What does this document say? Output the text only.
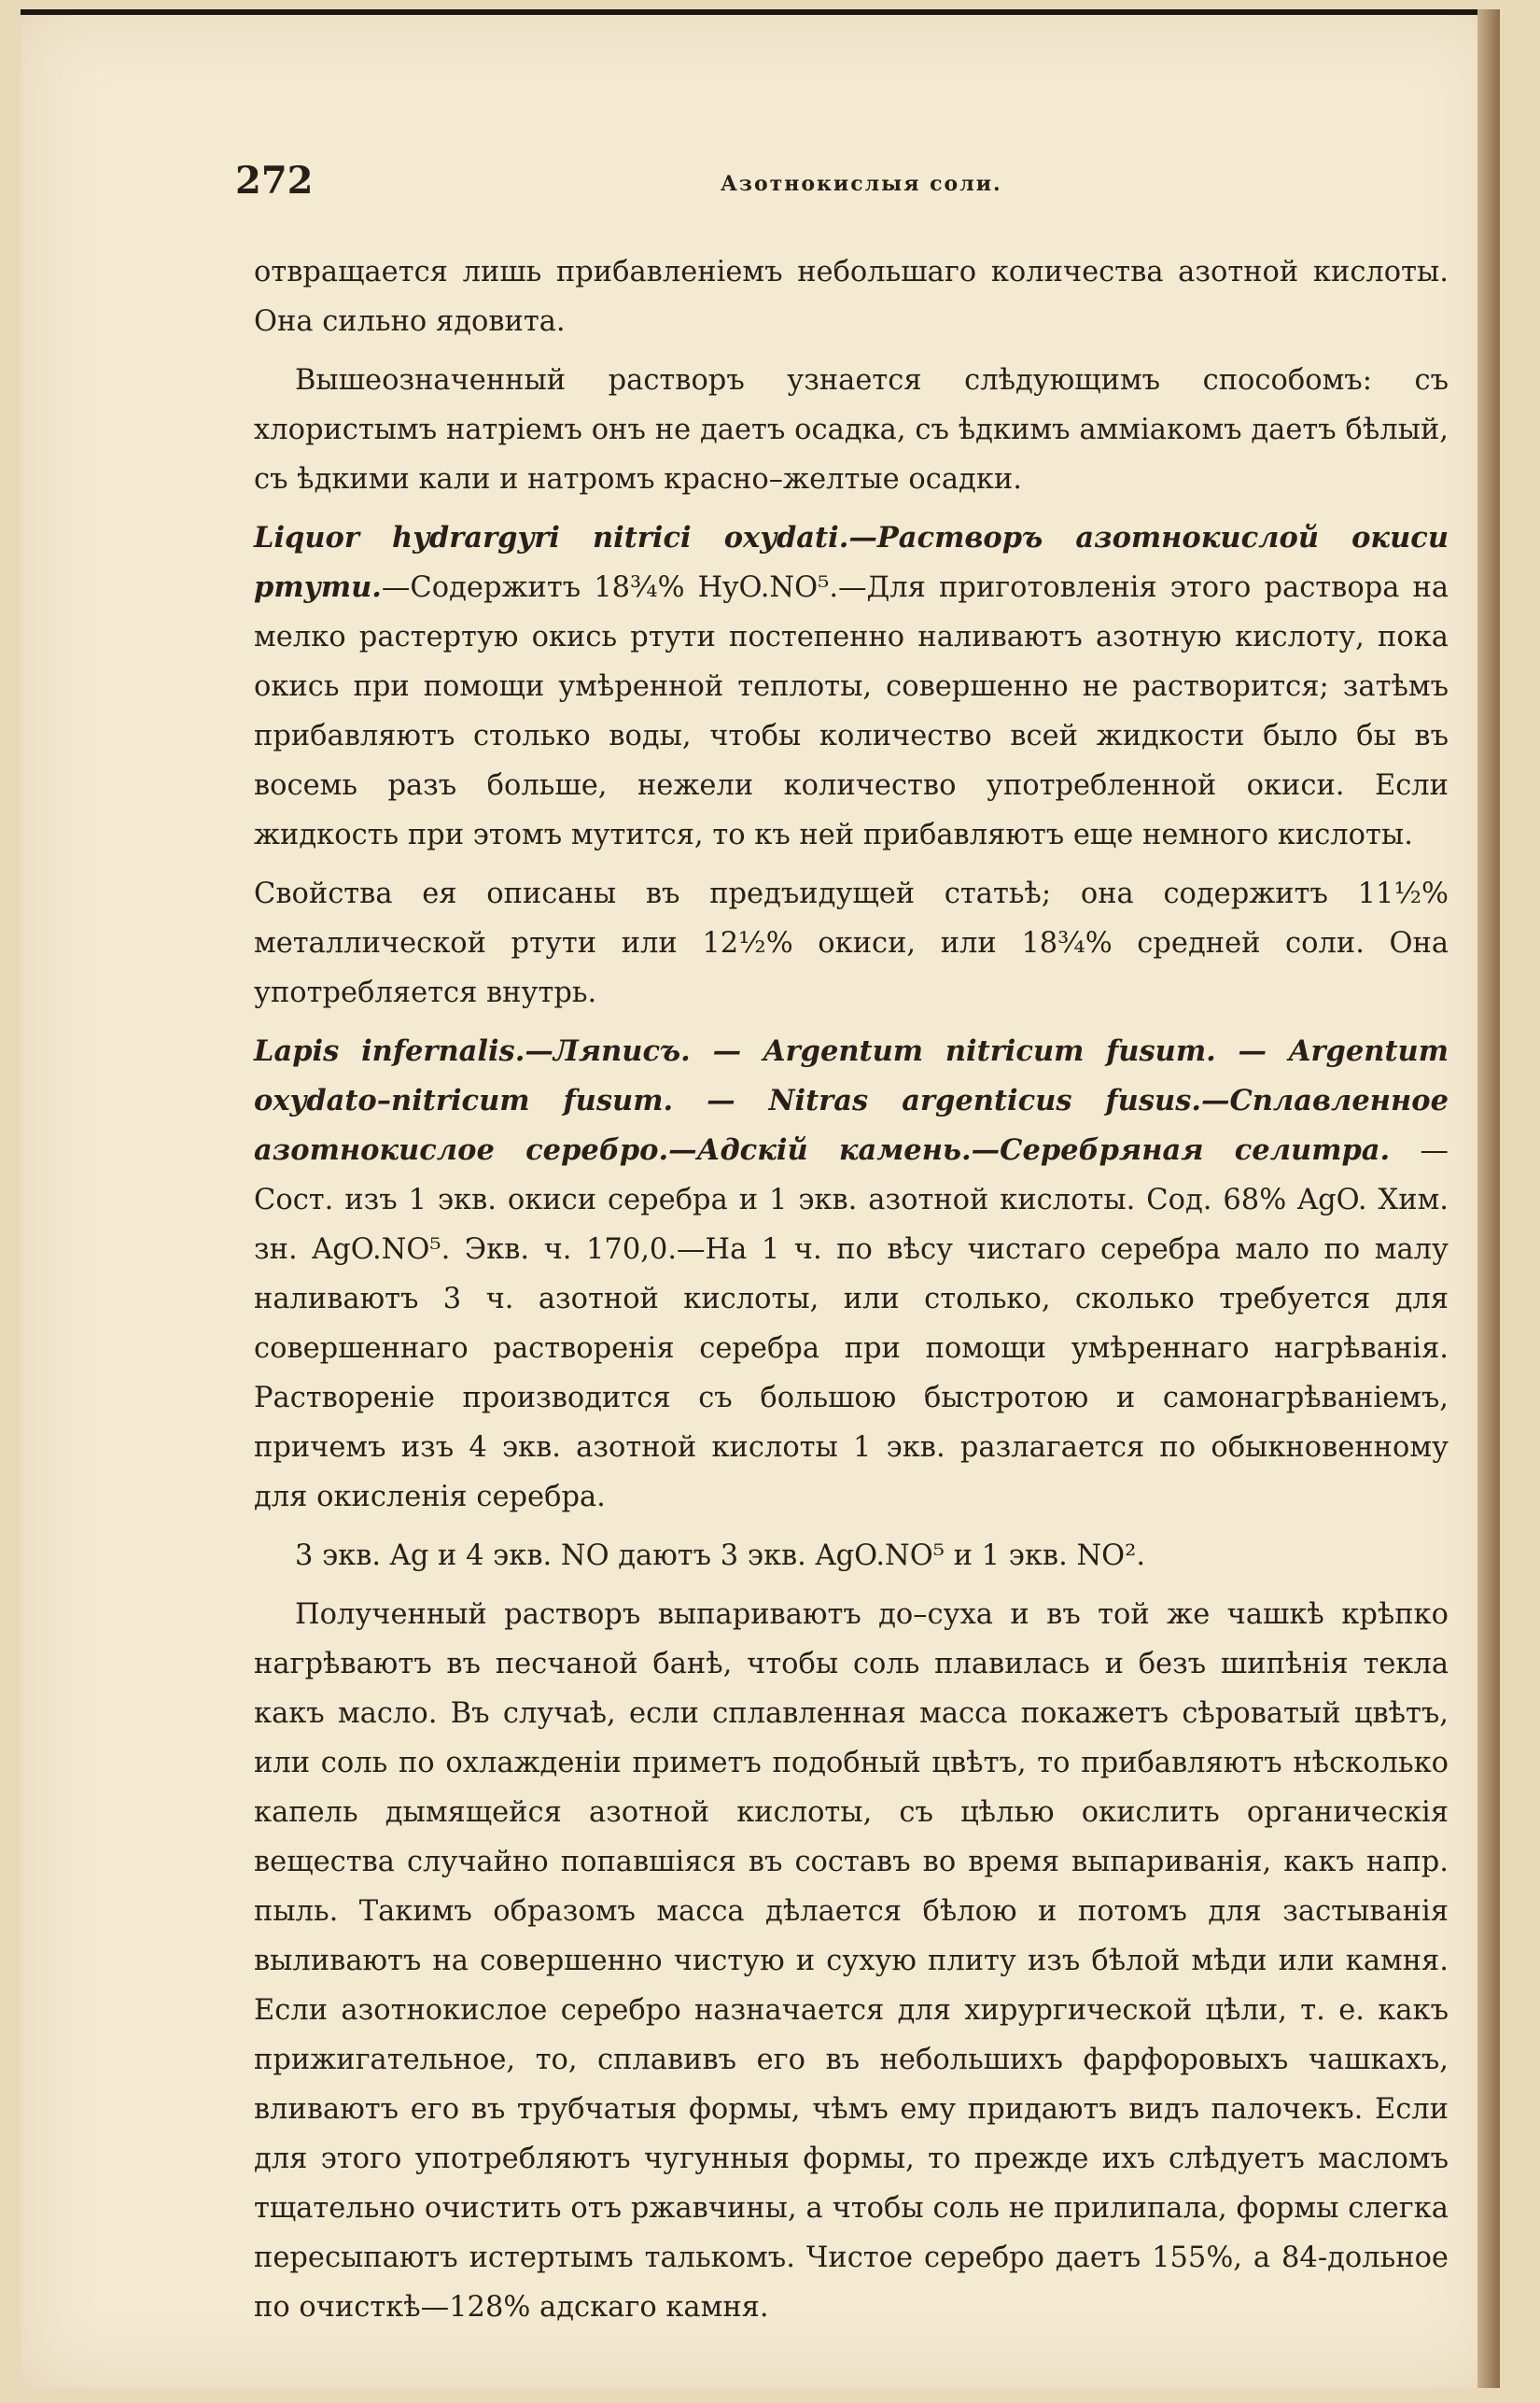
272	Азотнокислыя соли.

отвращается лишь прибавленіемъ небольшаго количества азотной кислоты. Она сильно ядовита.

Вышеозначенный растворъ узнается слѣдующимъ способомъ: съ хлористымъ натріемъ онъ не даетъ осадка, съ ѣдкимъ амміакомъ даетъ бѣлый, съ ѣдкими кали и натромъ красно–желтые осадки.

Liquor hydrargyri nitrici oxydati.—Растворъ азотнокислой окиси ртути.—Содержитъ 18¾% HyO.NO⁵.—Для приготовленія этого раствора на мелко растертую окись ртути постепенно наливаютъ азотную кислоту, пока окись при помощи умѣренной теплоты, совершенно не растворится; затѣмъ прибавляютъ столько воды, чтобы количество всей жидкости было бы въ восемь разъ больше, нежели количество употребленной окиси. Если жидкость при этомъ мутится, то къ ней прибавляютъ еще немного кислоты.

Свойства ея описаны въ предъидущей статьѣ; она содержитъ 11½% металлической ртути или 12½% окиси, или 18¾% средней соли. Она употребляется внутрь.

Lapis infernalis.—Ляписъ. — Argentum nitricum fusum. — Argentum oxydato–nitricum fusum. — Nitras argenticus fusus.—Сплавленное азотнокислое серебро.—Адскій камень.—Серебряная селитра. — Сост. изъ 1 экв. окиси серебра и 1 экв. азотной кислоты. Сод. 68% AgO. Хим. зн. AgO.NO⁵. Экв. ч. 170,0.—На 1 ч. по вѣсу чистаго серебра мало по малу наливаютъ 3 ч. азотной кислоты, или столько, сколько требуется для совершеннаго растворенія серебра при помощи умѣреннаго нагрѣванія. Раствореніе производится съ большою быстротою и самонагрѣваніемъ, причемъ изъ 4 экв. азотной кислоты 1 экв. разлагается по обыкновенному для окисленія серебра.

3 экв. Ag и 4 экв. NO даютъ 3 экв. AgO.NO⁵ и 1 экв. NO².

Полученный растворъ выпариваютъ до–суха и въ той же чашкѣ крѣпко нагрѣваютъ въ песчаной банѣ, чтобы соль плавилась и безъ шипѣнія текла какъ масло. Въ случаѣ, если сплавленная масса покажетъ сѣроватый цвѣтъ, или соль по охлажденіи приметъ подобный цвѣтъ, то прибавляютъ нѣсколько капель дымящейся азотной кислоты, съ цѣлью окислить органическія вещества случайно попавшіяся въ составъ во время выпариванія, какъ напр. пыль. Такимъ образомъ масса дѣлается бѣлою и потомъ для застыванія выливаютъ на совершенно чистую и сухую плиту изъ бѣлой мѣди или камня. Если азотнокислое серебро назначается для хирургической цѣли, т. е. какъ прижигательное, то, сплавивъ его въ небольшихъ фарфоровыхъ чашкахъ, вливаютъ его въ трубчатыя формы, чѣмъ ему придаютъ видъ палочекъ. Если для этого употребляютъ чугунныя формы, то прежде ихъ слѣдуетъ масломъ тщательно очистить отъ ржавчины, а чтобы соль не прилипала, формы слегка пересыпаютъ истертымъ талькомъ. Чистое серебро даетъ 155%, а 84-дольное по очисткѣ—128% адскаго камня.
